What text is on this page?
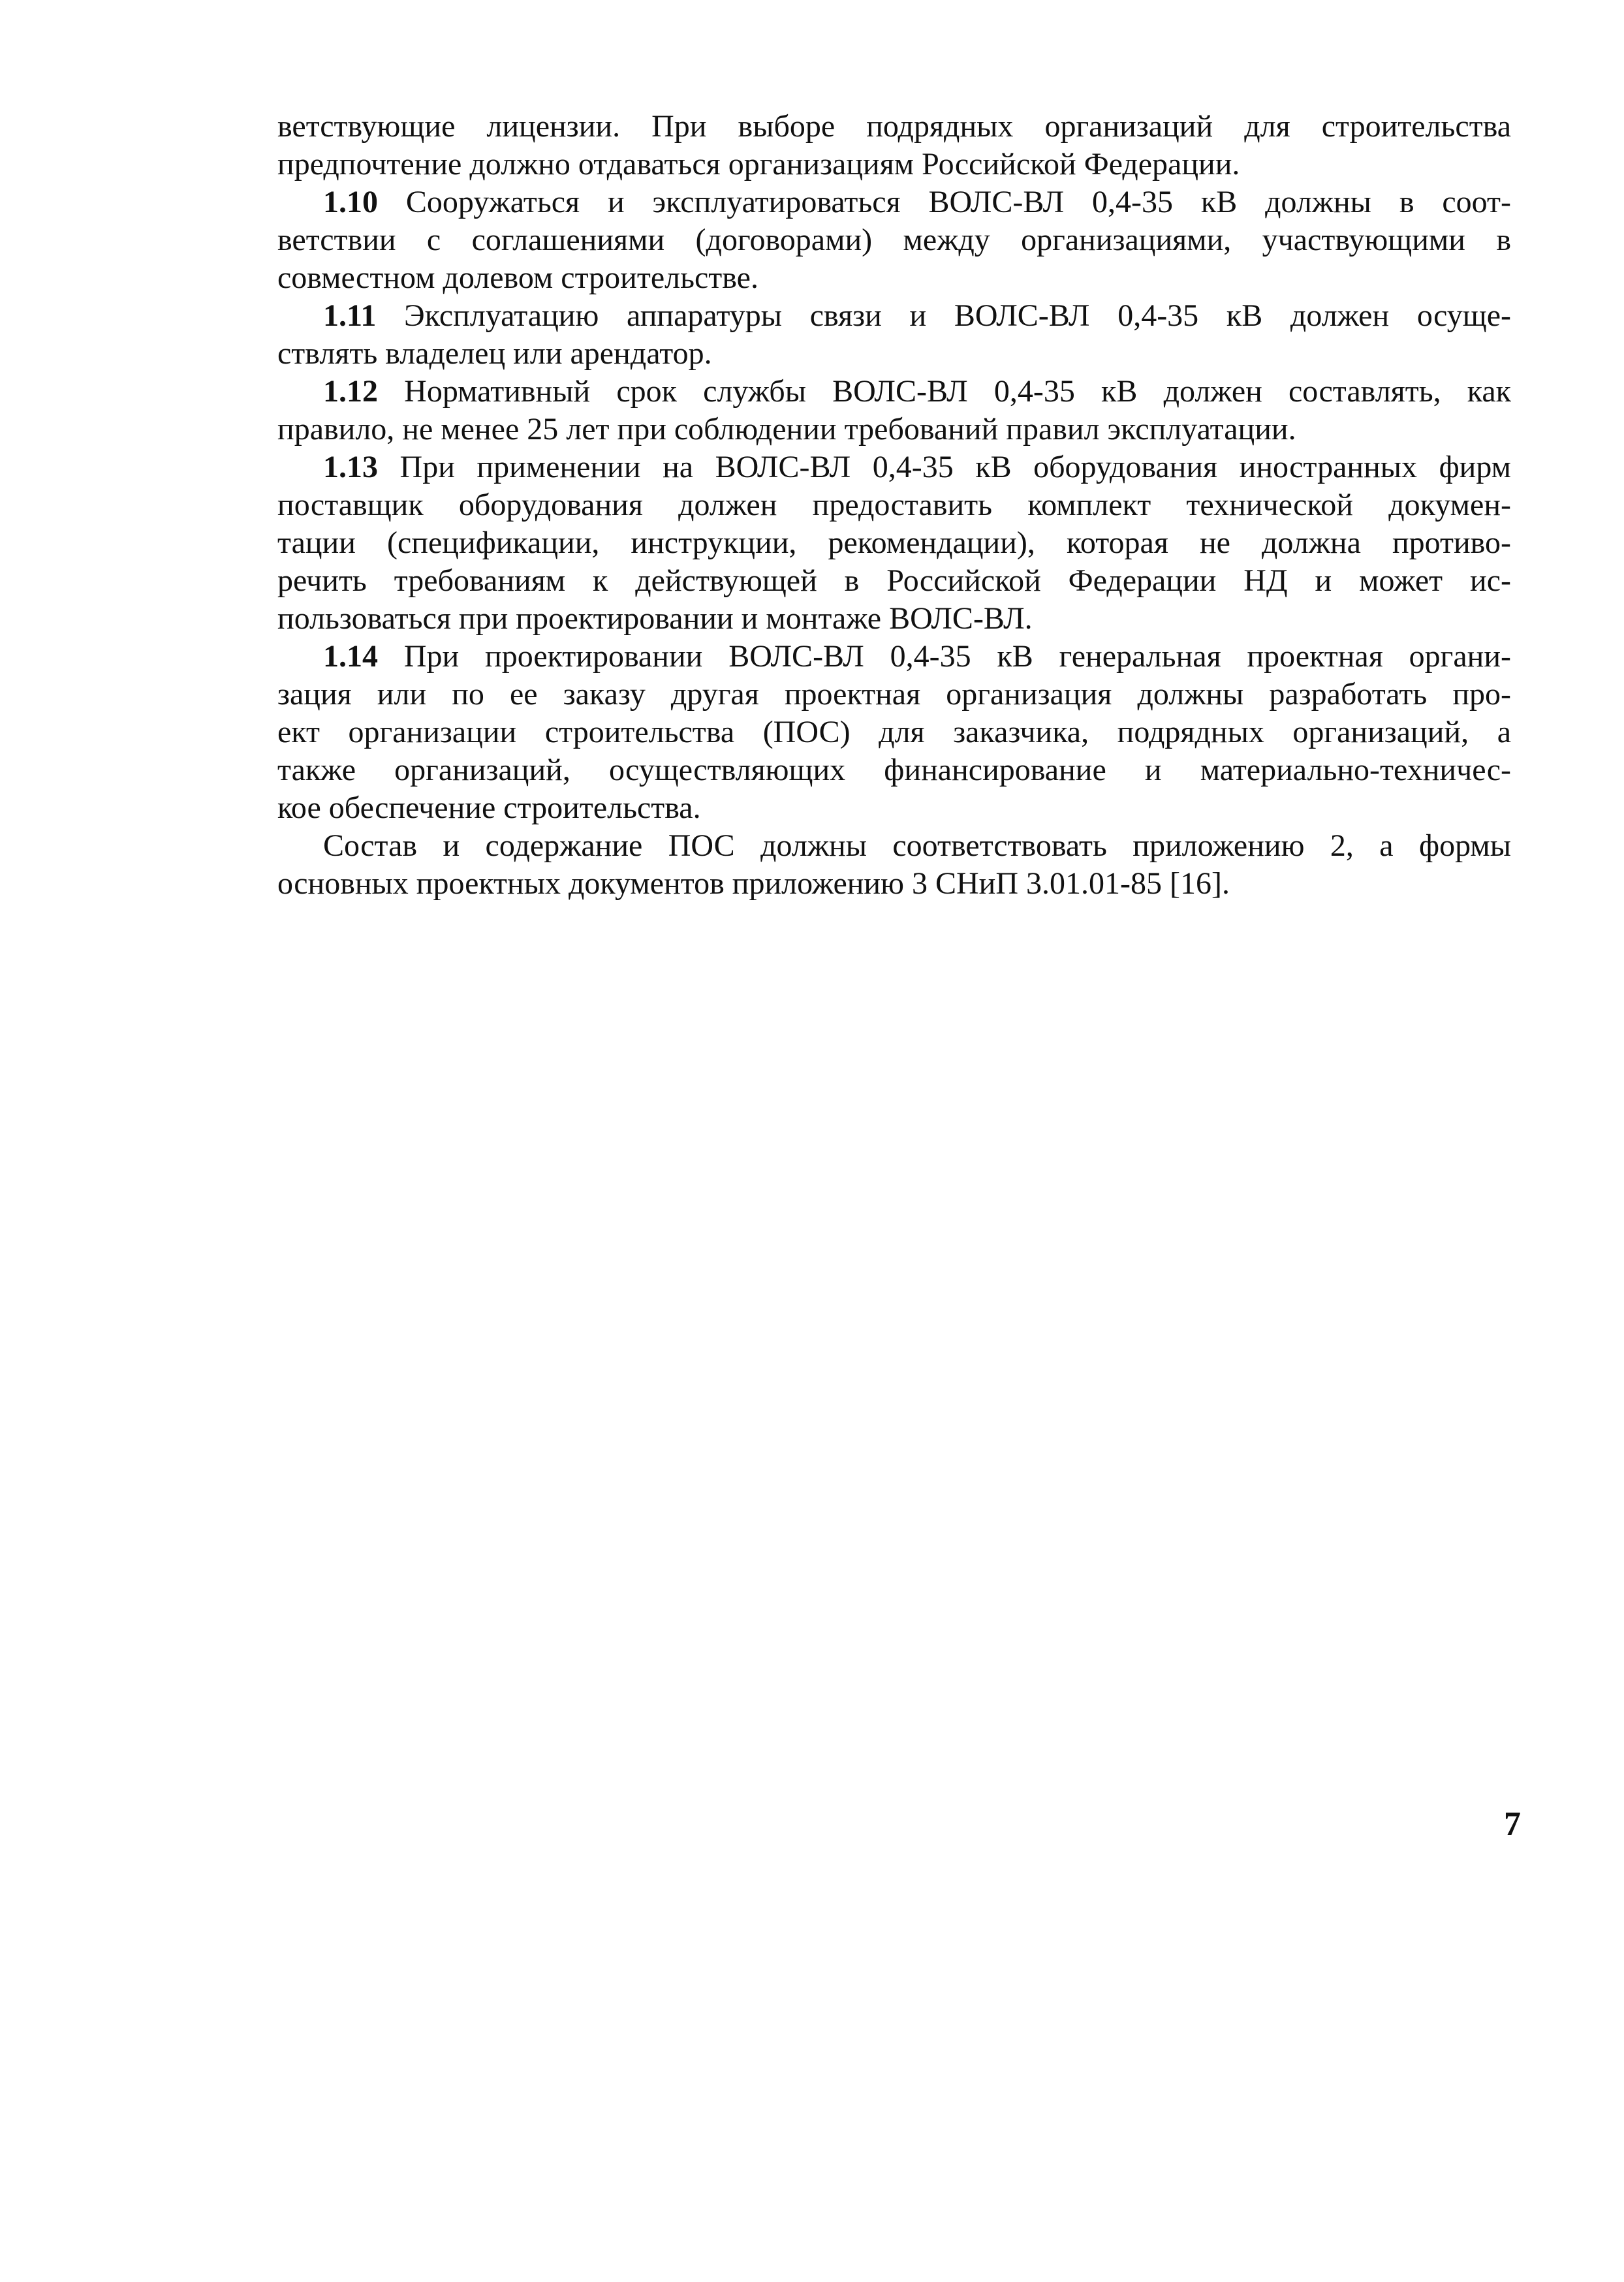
ветствующие лицензии. При выборе подрядных организаций для строительства
предпочтение должно отдаваться организациям Российской Федерации.
1.10 Сооружаться и эксплуатироваться ВОЛС-ВЛ 0,4-35 кВ должны в соот-
ветствии с соглашениями (договорами) между организациями, участвующими в
совместном долевом строительстве.
1.11 Эксплуатацию аппаратуры связи и ВОЛС-ВЛ 0,4-35 кВ должен осуще-
ствлять владелец или арендатор.
1.12 Нормативный срок службы ВОЛС-ВЛ 0,4-35 кВ должен составлять, как
правило, не менее 25 лет при соблюдении требований правил эксплуатации.
1.13 При применении на ВОЛС-ВЛ 0,4-35 кВ оборудования иностранных фирм
поставщик оборудования должен предоставить комплект технической докумен-
тации (спецификации, инструкции, рекомендации), которая не должна противо-
речить требованиям к действующей в Российской Федерации НД и может ис-
пользоваться при проектировании и монтаже ВОЛС-ВЛ.
1.14 При проектировании ВОЛС-ВЛ 0,4-35 кВ генеральная проектная органи-
зация или по ее заказу другая проектная организация должны разработать про-
ект организации строительства (ПОС) для заказчика, подрядных организаций, а
также организаций, осуществляющих финансирование и материально-техничес-
кое обеспечение строительства.
Состав и содержание ПОС должны соответствовать приложению 2, а формы
основных проектных документов приложению 3 СНиП 3.01.01-85 [16].
7
